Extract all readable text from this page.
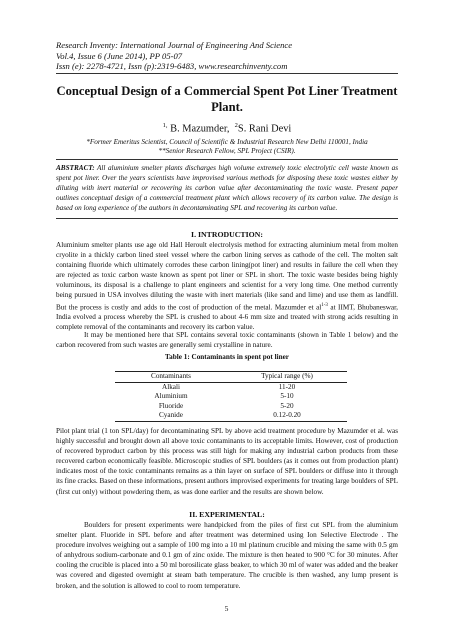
Research Inventy: International Journal of Engineering And Science
Vol.4, Issue 6 (June 2014), PP 05-07
Issn (e): 2278-4721, Issn (p):2319-6483, www.researchinventy.com
Conceptual Design of a Commercial Spent Pot Liner Treatment Plant.
$^{1,}$ B. Mazumder, $^2$S. Rani Devi
*Former Emeritus Scientist, Council of Scientific & Industrial Research New Delhi 110001, India
**Senior Research Fellow, SPL Project (CSIR).
ABSTRACT: All aluminium smelter plants discharges high volume extremely toxic electrolytic cell waste known as spent pot liner. Over the years scientists have improvised various methods for disposing these toxic wastes either by diluting with inert material or recovering its carbon value after decontaminating the toxic waste. Present paper outlines conceptual design of a commercial treatment plant which allows recovery of its carbon value. The design is based on long experience of the authors in decontaminating SPL and recovering its carbon value.
I. INTRODUCTION:
Aluminium smelter plants use age old Hall Heroult electrolysis method for extracting aluminium metal from molten cryolite in a thickly carbon lined steel vessel where the carbon lining serves as cathode of the cell. The molten salt containing fluoride which ultimately corrodes these carbon lining(pot liner) and results in failure the cell when they are rejected as toxic carbon waste known as spent pot liner or SPL in short. The toxic waste besides being highly voluminous, its disposal is a challenge to plant engineers and scientist for a very long time. One method currently being pursued in USA involves diluting the waste with inert materials (like sand and lime) and use them as landfill. But the process is costly and adds to the cost of production of the metal. Mazumder et $al^{1-3}$ at IIMT, Bhubaneswar, India evolved a process whereby the SPL is crushed to about 4-6 mm size and treated with strong acids resulting in complete removal of the contaminants and recovery its carbon value.
It may be mentioned here that SPL contains several toxic contaminants (shown in Table 1 below) and the carbon recovered from such wastes are generally semi crystalline in nature.
Table 1: Contaminants in spent pot liner
Contaminants	Typical range (%)
Alkali	11-20
Aluminium	5-10
Fluoride	5-20
Cyanide	0.12-0.20
Pilot plant trial (1 ton SPL/day) for decontaminating SPL by above acid treatment procedure by Mazumder et al. was highly successful and brought down all above toxic contaminants to its acceptable limits. However, cost of production of recovered byproduct carbon by this process was still high for making any industrial carbon products from these recovered carbon economically feasible. Microscopic studies of SPL boulders (as it comes out from production plant) indicates most of the toxic contaminants remains as a thin layer on surface of SPL boulders or diffuse into it through its fine cracks. Based on these informations, present authors improvised experiments for treating large boulders of SPL (first cut only) without powdering them, as was done earlier and the results are shown below.
II. EXPERIMENTAL:
Boulders for present experiments were handpicked from the piles of first cut SPL from the aluminium smelter plant. Fluoride in SPL before and after treatment was determined using Ion Selective Electrode . The procedure involves weighing out a sample of 100 mg into a 10 ml platinum crucible and mixing the same with 0.5 gm of anhydrous sodium-carbonate and 0.1 gm of zinc oxide. The mixture is then heated to 900 °C for 30 minutes. After cooling the crucible is placed into a 50 ml borosilicate glass beaker, to which 30 ml of water was added and the beaker was covered and digested overnight at steam bath temperature. The crucible is then washed, any lump present is broken, and the solution is allowed to cool to room temperature.
5
